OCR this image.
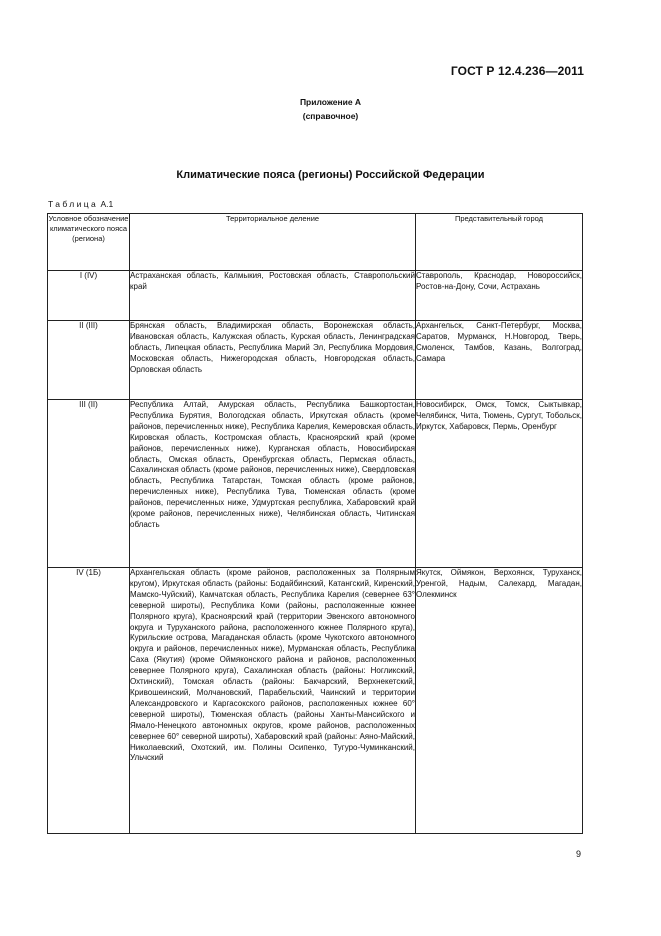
ГОСТ Р 12.4.236—2011
Приложение А
(справочное)
Климатические пояса (регионы) Российской Федерации
Таблица А.1
Условное обозначение климатического пояса (региона)	Территориальное деление	Представительный город
I (IV)	Астраханская область, Калмыкия, Ростовская область, Ставропольский край	Ставрополь, Краснодар, Новороссийск, Ростов-на-Дону, Сочи, Астрахань
II (III)	Брянская область, Владимирская область, Воронежская область, Ивановская область, Калужская область, Курская область, Ленинградская область, Липецкая область, Республика Марий Эл, Республика Мордовия, Московская область, Нижегородская область, Новгородская область, Орловская область	Архангельск, Санкт-Петербург, Москва, Саратов, Мурманск, Н.Новгород, Тверь, Смоленск, Тамбов, Казань, Волгоград, Самара
III (II)	Республика Алтай, Амурская область, Республика Башкортостан, Республика Бурятия, Вологодская область, Иркутская область (кроме районов, перечисленных ниже), Республика Карелия, Кемеровская область, Кировская область, Костромская область, Красноярский край (кроме районов, перечисленных ниже), Курганская область, Новосибирская область, Омская область, Оренбургская область, Пермская область, Сахалинская область (кроме районов, перечисленных ниже), Свердловская область, Республика Татарстан, Томская область (кроме районов, перечисленных ниже), Республика Тува, Тюменская область (кроме районов, перечисленных ниже, Удмуртская республика, Хабаровский край (кроме районов, перечисленных ниже), Челябинская область, Читинская область	Новосибирск, Омск, Томск, Сыктывкар, Челябинск, Чита, Тюмень, Сургут, Тобольск, Иркутск, Хабаровск, Пермь, Оренбург
IV (1Б)	Архангельская область (кроме районов, расположенных за Полярным кругом), Иркутская область (районы: Бодайбинский, Катангский, Киренский, Мамско-Чуйский), Камчатская область, Республика Карелия (севернее 63° северной широты), Республика Коми (районы, расположенные южнее Полярного круга), Красноярский край (территории Эвенского автономного округа и Туруханского района, расположенного южнее Полярного круга), Курильские острова, Магаданская область (кроме Чукотского автономного округа и районов, перечисленных ниже), Мурманская область, Республика Саха (Якутия) (кроме Оймяконского района и районов, расположенных севернее Полярного круга), Сахалинская область (районы: Ногликский, Охтинский), Томская область (районы: Бакчарский, Верхнекетский, Кривошеинский, Молчановский, Парабельский, Чаинский и территории Александровского и Каргасокского районов, расположенных южнее 60° северной широты), Тюменская область (районы Ханты-Мансийского и Ямало-Ненецкого автономных округов, кроме районов, расположенных севернее 60° северной широты), Хабаровский край (районы: Аяно-Майский, Николаевский, Охотский, им. Полины Осипенко, Тугуро-Чуминканский, Ульчский	Якутск, Оймякон, Верхоянск, Туруханск, Уренгой, Надым, Салехард, Магадан, Олекминск
9
